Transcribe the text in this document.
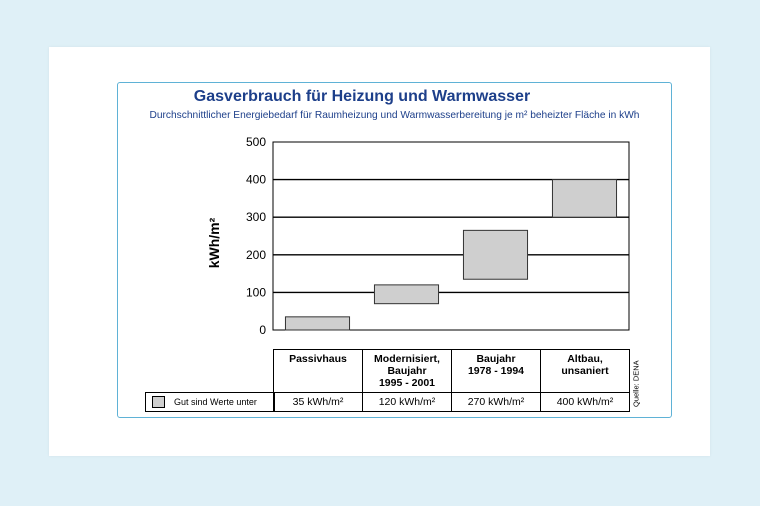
Gasverbrauch für Heizung und Warmwasser

Durchschnittlicher Energiebedarf für Raumheizung und Warmwasserbereitung je m² beheizter Fläche in kWh

0
100
200
300
400
500
kWh/m²
Gut sind Werte unter
Passivhaus
35 kWh/m²
Modernisiert,
Baujahr
1995 - 2001
120 kWh/m²
Baujahr
1978 - 1994
270 kWh/m²
Altbau,
unsaniert
400 kWh/m²	Quelle: DENA
